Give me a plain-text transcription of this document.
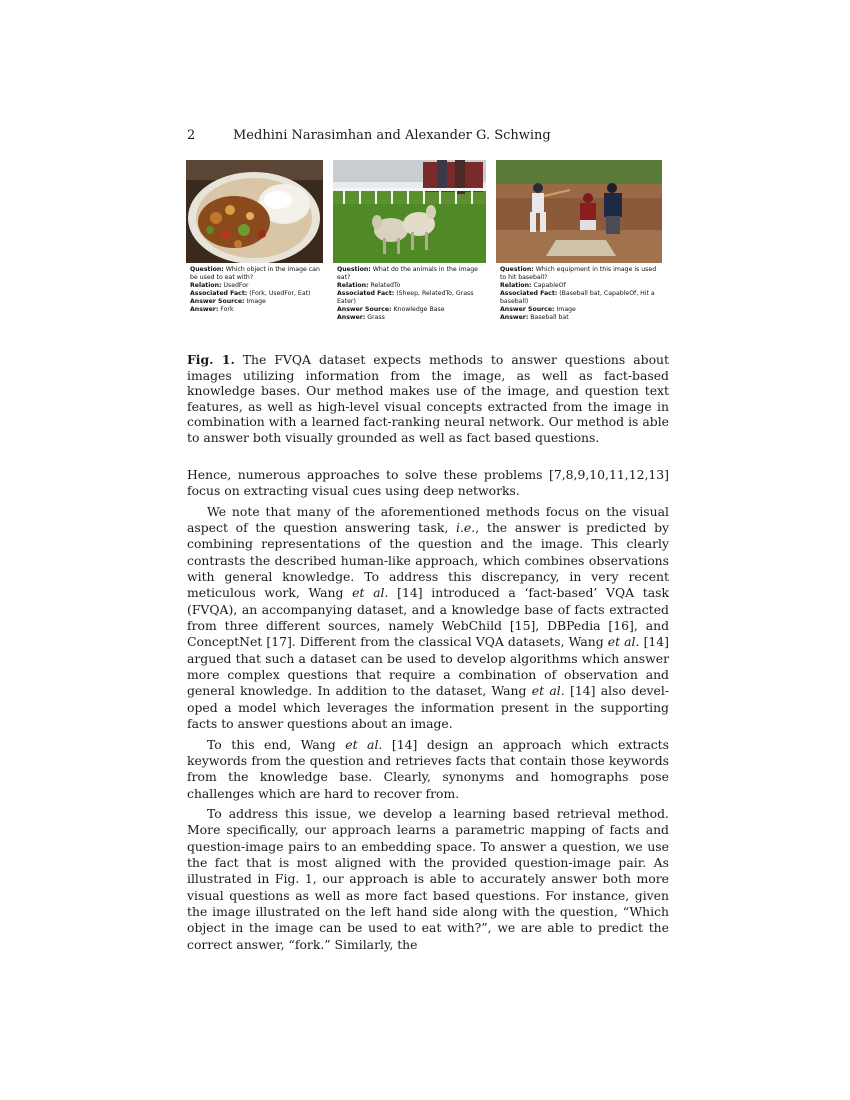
2	Medhini Narasimhan and Alexander G. Schwing
Question: Which object in the image can be used to eat with?
Relation: UsedFor
Associated Fact: (Fork, UsedFor, Eat)
Answer Source: Image
Answer: Fork
Question: What do the animals in the image eat?
Relation: RelatedTo
Associated Fact: (Sheep, RelatedTo, Grass Eater)
Answer Source: Knowledge Base
Answer: Grass
Question: Which equipment in this image is used to hit baseball?
Relation: CapableOf
Associated Fact: (Baseball bat, CapableOf, Hit a baseball)
Answer Source: Image
Answer: Baseball bat
Fig. 1. The FVQA dataset expects methods to answer questions about images utilizing information from the image, as well as fact-based knowledge bases. Our method makes use of the image, and question text features, as well as high-level visual concepts extracted from the image in combination with a learned fact-ranking neural network. Our method is able to answer both visually grounded as well as fact based questions.

Hence, numerous approaches to solve these problems [7,8,9,10,11,12,13] focus on extracting visual cues using deep networks.

We note that many of the aforementioned methods focus on the visual aspect of the question answering task, i.e., the answer is predicted by combining representations of the question and the image. This clearly contrasts the described human-like approach, which combines observations with general knowledge. To address this discrepancy, in very recent meticulous work, Wang et al. [14] introduced a ‘fact-based’ VQA task (FVQA), an accompanying dataset, and a knowledge base of facts extracted from three different sources, namely WebChild [15], DBPedia [16], and ConceptNet [17]. Different from the classical VQA datasets, Wang et al. [14] argued that such a dataset can be used to develop algorithms which answer more complex questions that require a combination of observation and general knowledge. In addition to the dataset, Wang et al. [14] also developed a model which leverages the information present in the supporting facts to answer questions about an image.

To this end, Wang et al. [14] design an approach which extracts keywords from the question and retrieves facts that contain those keywords from the knowledge base. Clearly, synonyms and homographs pose challenges which are hard to recover from.

To address this issue, we develop a learning based retrieval method. More specifically, our approach learns a parametric mapping of facts and question-image pairs to an embedding space. To answer a question, we use the fact that is most aligned with the provided question-image pair. As illustrated in Fig. 1, our approach is able to accurately answer both more visual questions as well as more fact based questions. For instance, given the image illustrated on the left hand side along with the question, “Which object in the image can be used to eat with?”, we are able to predict the correct answer, “fork.” Similarly, the
